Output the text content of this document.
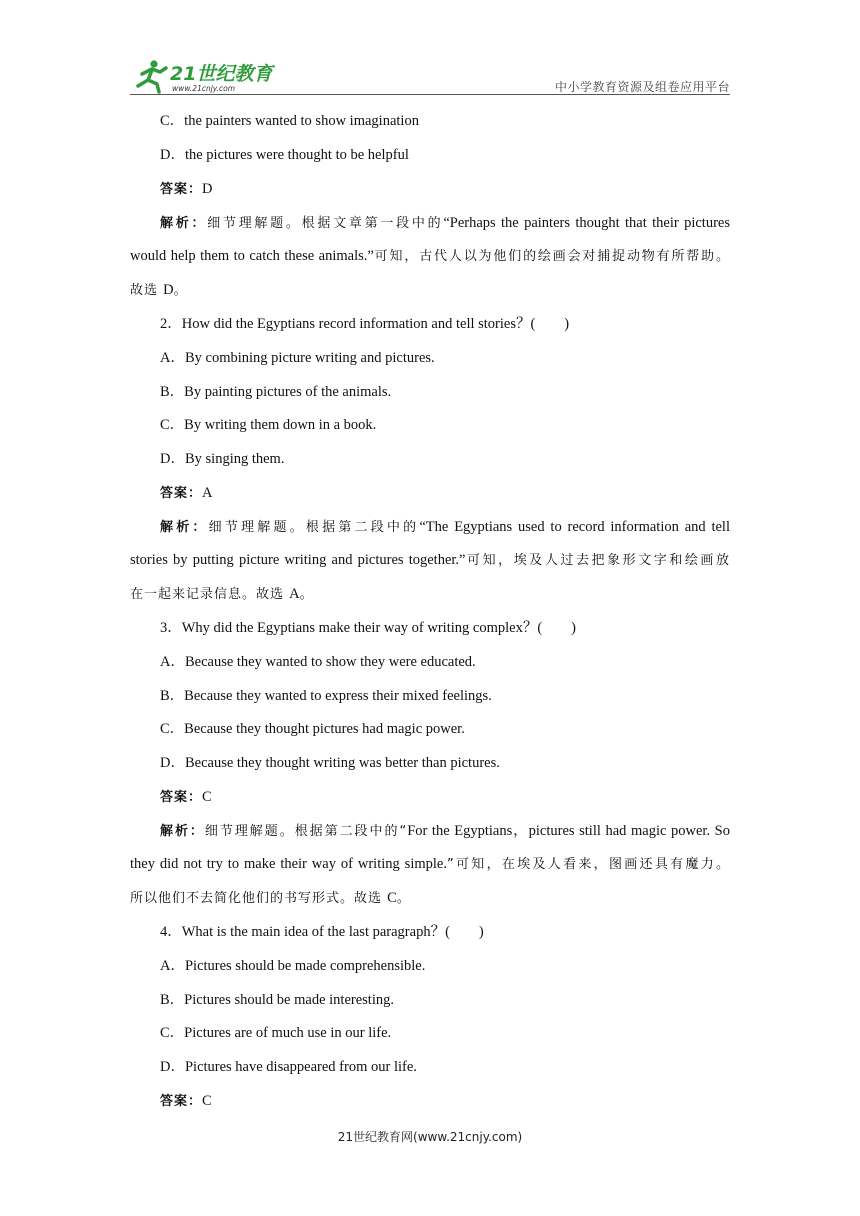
21世纪教育
www.21cnjy.com	中小学教育资源及组卷应用平台
C．the painters wanted to show imagination
D．the pictures were thought to be helpful
答案：D
解析：细节理解题。根据文章第一段中的“Perhaps the painters thought that their pictures
would help them to catch these animals.”可知，古代人以为他们的绘画会对捕捉动物有所帮助。
故选 D。
2．How did the Egyptians record information and tell stories？(　　)
A．By combining picture writing and pictures.
B．By painting pictures of the animals.
C．By writing them down in a book.
D．By singing them.
答案：A
解析：细节理解题。根据第二段中的“The Egyptians used to record information and tell
stories by putting picture writing and pictures together.”可知，埃及人过去把象形文字和绘画放
在一起来记录信息。故选 A。
3．Why did the Egyptians make their way of writing complex？(　　)
A．Because they wanted to show they were educated.
B．Because they wanted to express their mixed feelings.
C．Because they thought pictures had magic power.
D．Because they thought writing was better than pictures.
答案：C
解析：细节理解题。根据第二段中的“For the Egyptians，pictures still had magic power. So
they did not try to make their way of writing simple.”可知，在埃及人看来，图画还具有魔力。
所以他们不去简化他们的书写形式。故选 C。
4．What is the main idea of the last paragraph？(　　)
A．Pictures should be made comprehensible.
B．Pictures should be made interesting.
C．Pictures are of much use in our life.
D．Pictures have disappeared from our life.
答案：C
21世纪教育网(www.21cnjy.com)
